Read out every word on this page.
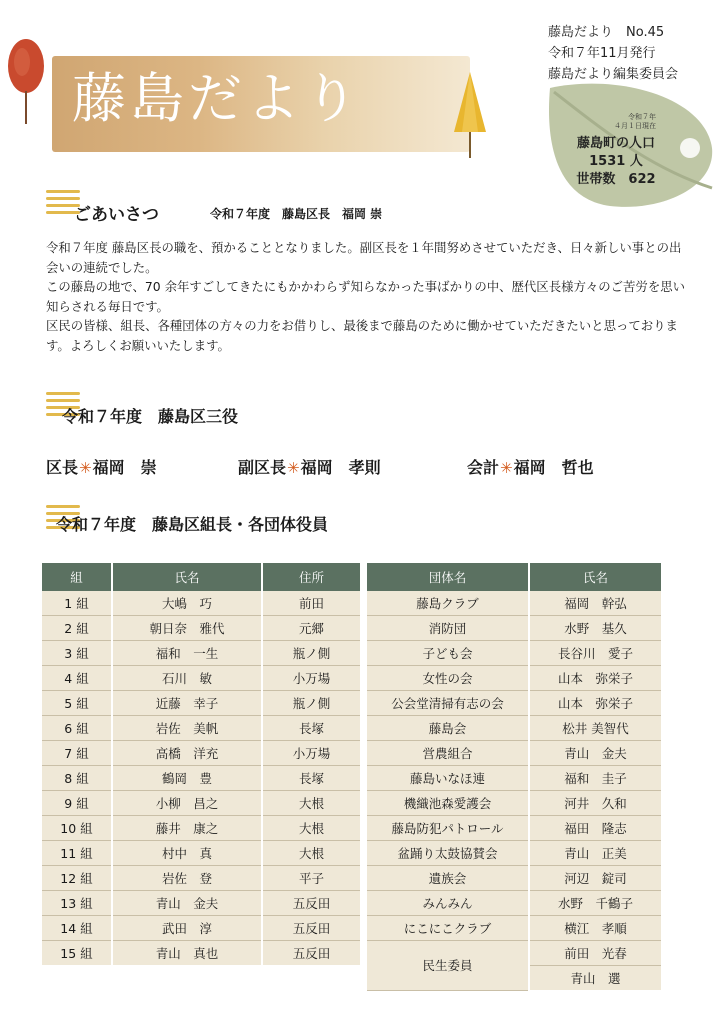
藤島だより
藤島だより　No.45
令和７年11月発行
藤島だより編集委員会
令和７年
４月１日現在
藤島町の人口
1531 人
世帯数　622
ごあいさつ	令和７年度　藤島区長　福岡 崇
令和７年度 藤島区長の職を、預かることとなりました。副区長を１年間努めさせていただき、日々新しい事との出会いの連続でした。
この藤島の地で、70 余年すごしてきたにもかかわらず知らなかった事ばかりの中、歴代区長様方々のご苦労を思い知らされる毎日です。
区民の皆様、組長、各種団体の方々の力をお借りし、最後まで藤島のために働かせていただきたいと思っております。よろしくお願いいたします。
令和７年度　藤島区三役
区長✳福岡　崇	副区長✳福岡　孝則	会計✳福岡　哲也
令和７年度　藤島区組長・各団体役員
組	氏名	住所
1 組	大嶋　巧	前田
2 組	朝日奈　雅代	元郷
3 組	福和　一生	瓶ノ側
4 組	石川　敏	小万場
5 組	近藤　幸子	瓶ノ側
6 組	岩佐　美帆	長塚
7 組	高橋　洋充	小万場
8 組	鶴岡　豊	長塚
9 組	小柳　昌之	大根
10 組	藤井　康之	大根
11 組	村中　真	大根
12 組	岩佐　登	平子
13 組	青山　金夫	五反田
14 組	武田　淳	五反田
15 組	青山　真也	五反田
団体名	氏名
藤島クラブ	福岡　幹弘
消防団	水野　基久
子ども会	長谷川　愛子
女性の会	山本　弥栄子
公会堂清掃有志の会	山本　弥栄子
藤島会	松井 美智代
営農組合	青山　金夫
藤島いなほ連	福和　圭子
機織池森愛護会	河井　久和
藤島防犯パトロール	福田　隆志
盆踊り太鼓協賛会	青山　正美
遺族会	河辺　錠司
みんみん	水野　千鶴子
にこにこクラブ	横江　孝順
民生委員	前田　光春
	青山　選
